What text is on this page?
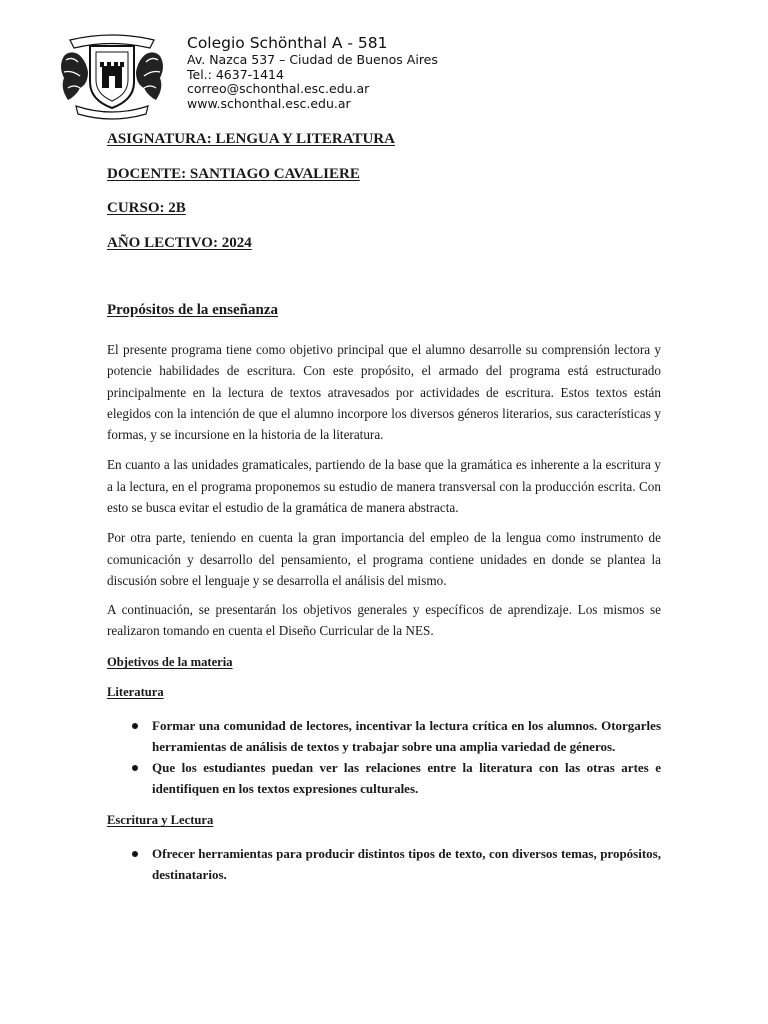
Colegio Schönthal A - 581

Av. Nazca 537 – Ciudad de Buenos Aires

Tel.: 4637-1414

correo@schonthal.esc.edu.ar

www.schonthal.esc.edu.ar

ASIGNATURA: LENGUA Y LITERATURA

DOCENTE: SANTIAGO CAVALIERE

CURSO: 2B

AÑO LECTIVO: 2024

Propósitos de la enseñanza

El presente programa tiene como objetivo principal que el alumno desarrolle su comprensión lectora y potencie habilidades de escritura. Con este propósito, el armado del programa está estructurado principalmente en la lectura de textos atravesados por actividades de escritura. Estos textos están elegidos con la intención de que el alumno incorpore los diversos géneros literarios, sus características y formas, y se incursione en la historia de la literatura.

En cuanto a las unidades gramaticales, partiendo de la base que la gramática es inherente a la escritura y a la lectura, en el programa proponemos su estudio de manera transversal con la producción escrita. Con esto se busca evitar el estudio de la gramática de manera abstracta.

Por otra parte, teniendo en cuenta la gran importancia del empleo de la lengua como instrumento de comunicación y desarrollo del pensamiento, el programa contiene unidades en donde se plantea la discusión sobre el lenguaje y se desarrolla el análisis del mismo.

A continuación, se presentarán los objetivos generales y específicos de aprendizaje. Los mismos se realizaron tomando en cuenta el Diseño Curricular de la NES.

Objetivos de la materia

Literatura

Formar una comunidad de lectores, incentivar la lectura crítica en los alumnos. Otorgarles herramientas de análisis de textos y trabajar sobre una amplia variedad de géneros.
Que los estudiantes puedan ver las relaciones entre la literatura con las otras artes e identifiquen en los textos expresiones culturales.

Escritura y Lectura

Ofrecer herramientas para producir distintos tipos de texto, con diversos temas, propósitos, destinatarios.
